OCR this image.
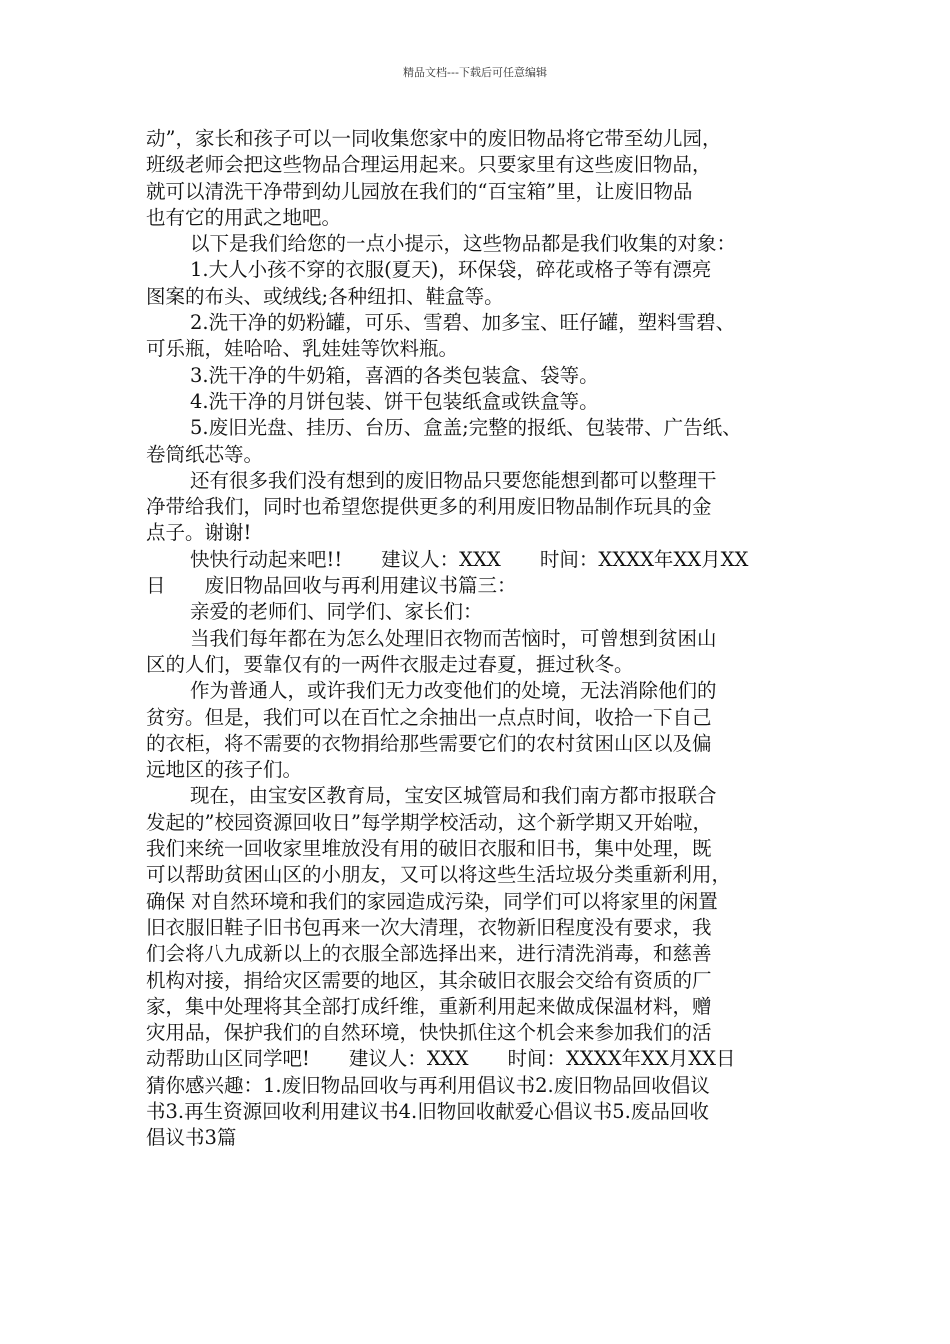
精品文档---下载后可任意编辑
动”，家长和孩子可以一同收集您家中的废旧物品将它带至幼儿园，
班级老师会把这些物品合理运用起来。只要家里有这些废旧物品，
就可以清洗干净带到幼儿园放在我们的“百宝箱”里，让废旧物品
也有它的用武之地吧。
以下是我们给您的一点小提示，这些物品都是我们收集的对象：
1.大人小孩不穿的衣服(夏天)，环保袋，碎花或格子等有漂亮
图案的布头、或绒线;各种纽扣、鞋盒等。
2.洗干净的奶粉罐，可乐、雪碧、加多宝、旺仔罐，塑料雪碧、
可乐瓶，娃哈哈、乳娃娃等饮料瓶。
3.洗干净的牛奶箱，喜酒的各类包装盒、袋等。
4.洗干净的月饼包装、饼干包装纸盒或铁盒等。
5.废旧光盘、挂历、台历、盒盖;完整的报纸、包装带、广告纸、
卷筒纸芯等。
还有很多我们没有想到的废旧物品只要您能想到都可以整理干
净带给我们，同时也希望您提供更多的利用废旧物品制作玩具的金
点子。谢谢!
快快行动起来吧!!　　建议人：XXX　　时间：XXXX年XX月XX
日　　废旧物品回收与再利用建议书篇三：
亲爱的老师们、同学们、家长们：
当我们每年都在为怎么处理旧衣物而苦恼时，可曾想到贫困山
区的人们，要靠仅有的一两件衣服走过春夏，捱过秋冬。
作为普通人，或许我们无力改变他们的处境，无法消除他们的
贫穷。但是，我们可以在百忙之余抽出一点点时间，收拾一下自己
的衣柜，将不需要的衣物捐给那些需要它们的农村贫困山区以及偏
远地区的孩子们。
现在，由宝安区教育局，宝安区城管局和我们南方都市报联合
发起的”校园资源回收日”每学期学校活动，这个新学期又开始啦，
我们来统一回收家里堆放没有用的破旧衣服和旧书，集中处理，既
可以帮助贫困山区的小朋友，又可以将这些生活垃圾分类重新利用，
确保 对自然环境和我们的家园造成污染，同学们可以将家里的闲置
旧衣服旧鞋子旧书包再来一次大清理，衣物新旧程度没有要求，我
们会将八九成新以上的衣服全部选择出来，进行清洗消毒，和慈善
机构对接，捐给灾区需要的地区，其余破旧衣服会交给有资质的厂
家，集中处理将其全部打成纤维，重新利用起来做成保温材料，赠
灾用品，保护我们的自然环境，快快抓住这个机会来参加我们的活
动帮助山区同学吧!　　建议人：XXX　　时间：XXXX年XX月XX日
猜你感兴趣：1.废旧物品回收与再利用倡议书2.废旧物品回收倡议
书3.再生资源回收利用建议书4.旧物回收献爱心倡议书5.废品回收
倡议书3篇
